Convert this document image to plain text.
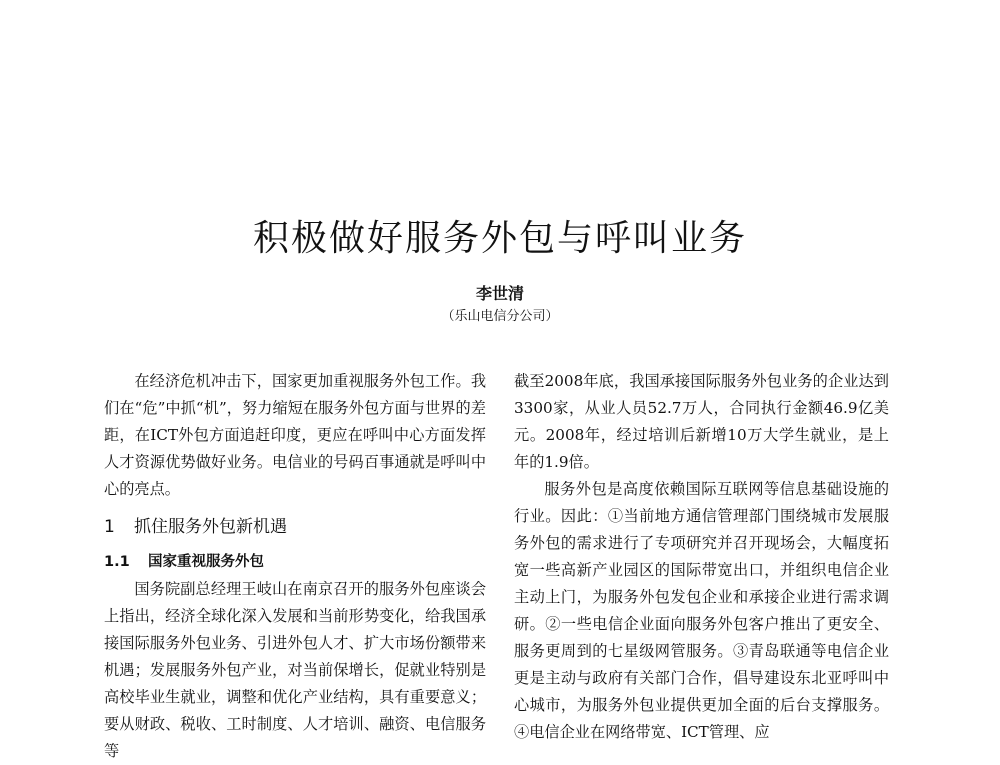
积极做好服务外包与呼叫业务
李世清
（乐山电信分公司）

在经济危机冲击下，国家更加重视服务外包工作。我们在“危”中抓“机”，努力缩短在服务外包方面与世界的差距，在ICT外包方面追赶印度，更应在呼叫中心方面发挥人才资源优势做好业务。电信业的号码百事通就是呼叫中心的亮点。

1 抓住服务外包新机遇
1.1 国家重视服务外包

国务院副总经理王岐山在南京召开的服务外包座谈会上指出，经济全球化深入发展和当前形势变化，给我国承接国际服务外包业务、引进外包人才、扩大市场份额带来机遇；发展服务外包产业，对当前保增长，促就业特别是高校毕业生就业，调整和优化产业结构，具有重要意义；要从财政、税收、工时制度、人才培训、融资、电信服务等

截至2008年底，我国承接国际服务外包业务的企业达到3300家，从业人员52.7万人，合同执行金额46.9亿美元。2008年，经过培训后新增10万大学生就业，是上年的1.9倍。

服务外包是高度依赖国际互联网等信息基础设施的行业。因此：①当前地方通信管理部门围绕城市发展服务外包的需求进行了专项研究并召开现场会，大幅度拓宽一些高新产业园区的国际带宽出口，并组织电信企业主动上门，为服务外包发包企业和承接企业进行需求调研。②一些电信企业面向服务外包客户推出了更安全、服务更周到的七星级网管服务。③青岛联通等电信企业更是主动与政府有关部门合作，倡导建设东北亚呼叫中心城市，为服务外包业提供更加全面的后台支撑服务。④电信企业在网络带宽、ICT管理、应
